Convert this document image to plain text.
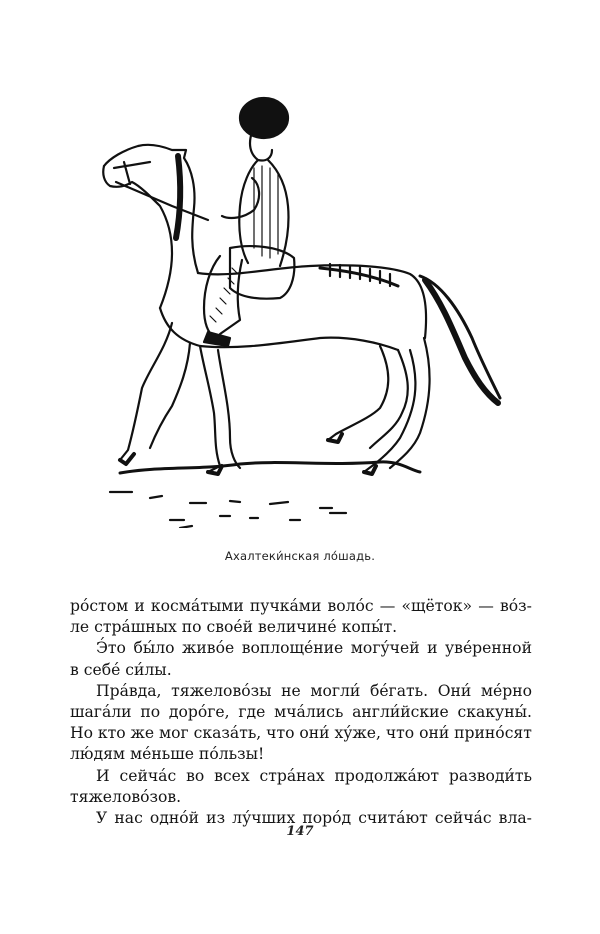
Ахалтеки́нская ло́шадь.
ро́стом и косма́тыми пучка́ми воло́с — «щёток» — во́з-
ле стра́шных по свое́й величине́ копы́т.
Э́то бы́ло живо́е воплоще́ние могу́чей и уве́ренной
в себе́ си́лы.
Пра́вда, тяжелово́зы не могли́ бе́гать. Они́ ме́рно
шага́ли по доро́ге, где мча́лись англи́йские скакуны́.
Но кто же мог сказа́ть, что они́ ху́же, что они́ прино́сят
лю́дям ме́ньше по́льзы!
И сейча́с во всех стра́нах продолжа́ют разводи́ть
тяжелово́зов.
У нас одно́й из лу́чших поро́д счита́ют сейча́с вла-
147
